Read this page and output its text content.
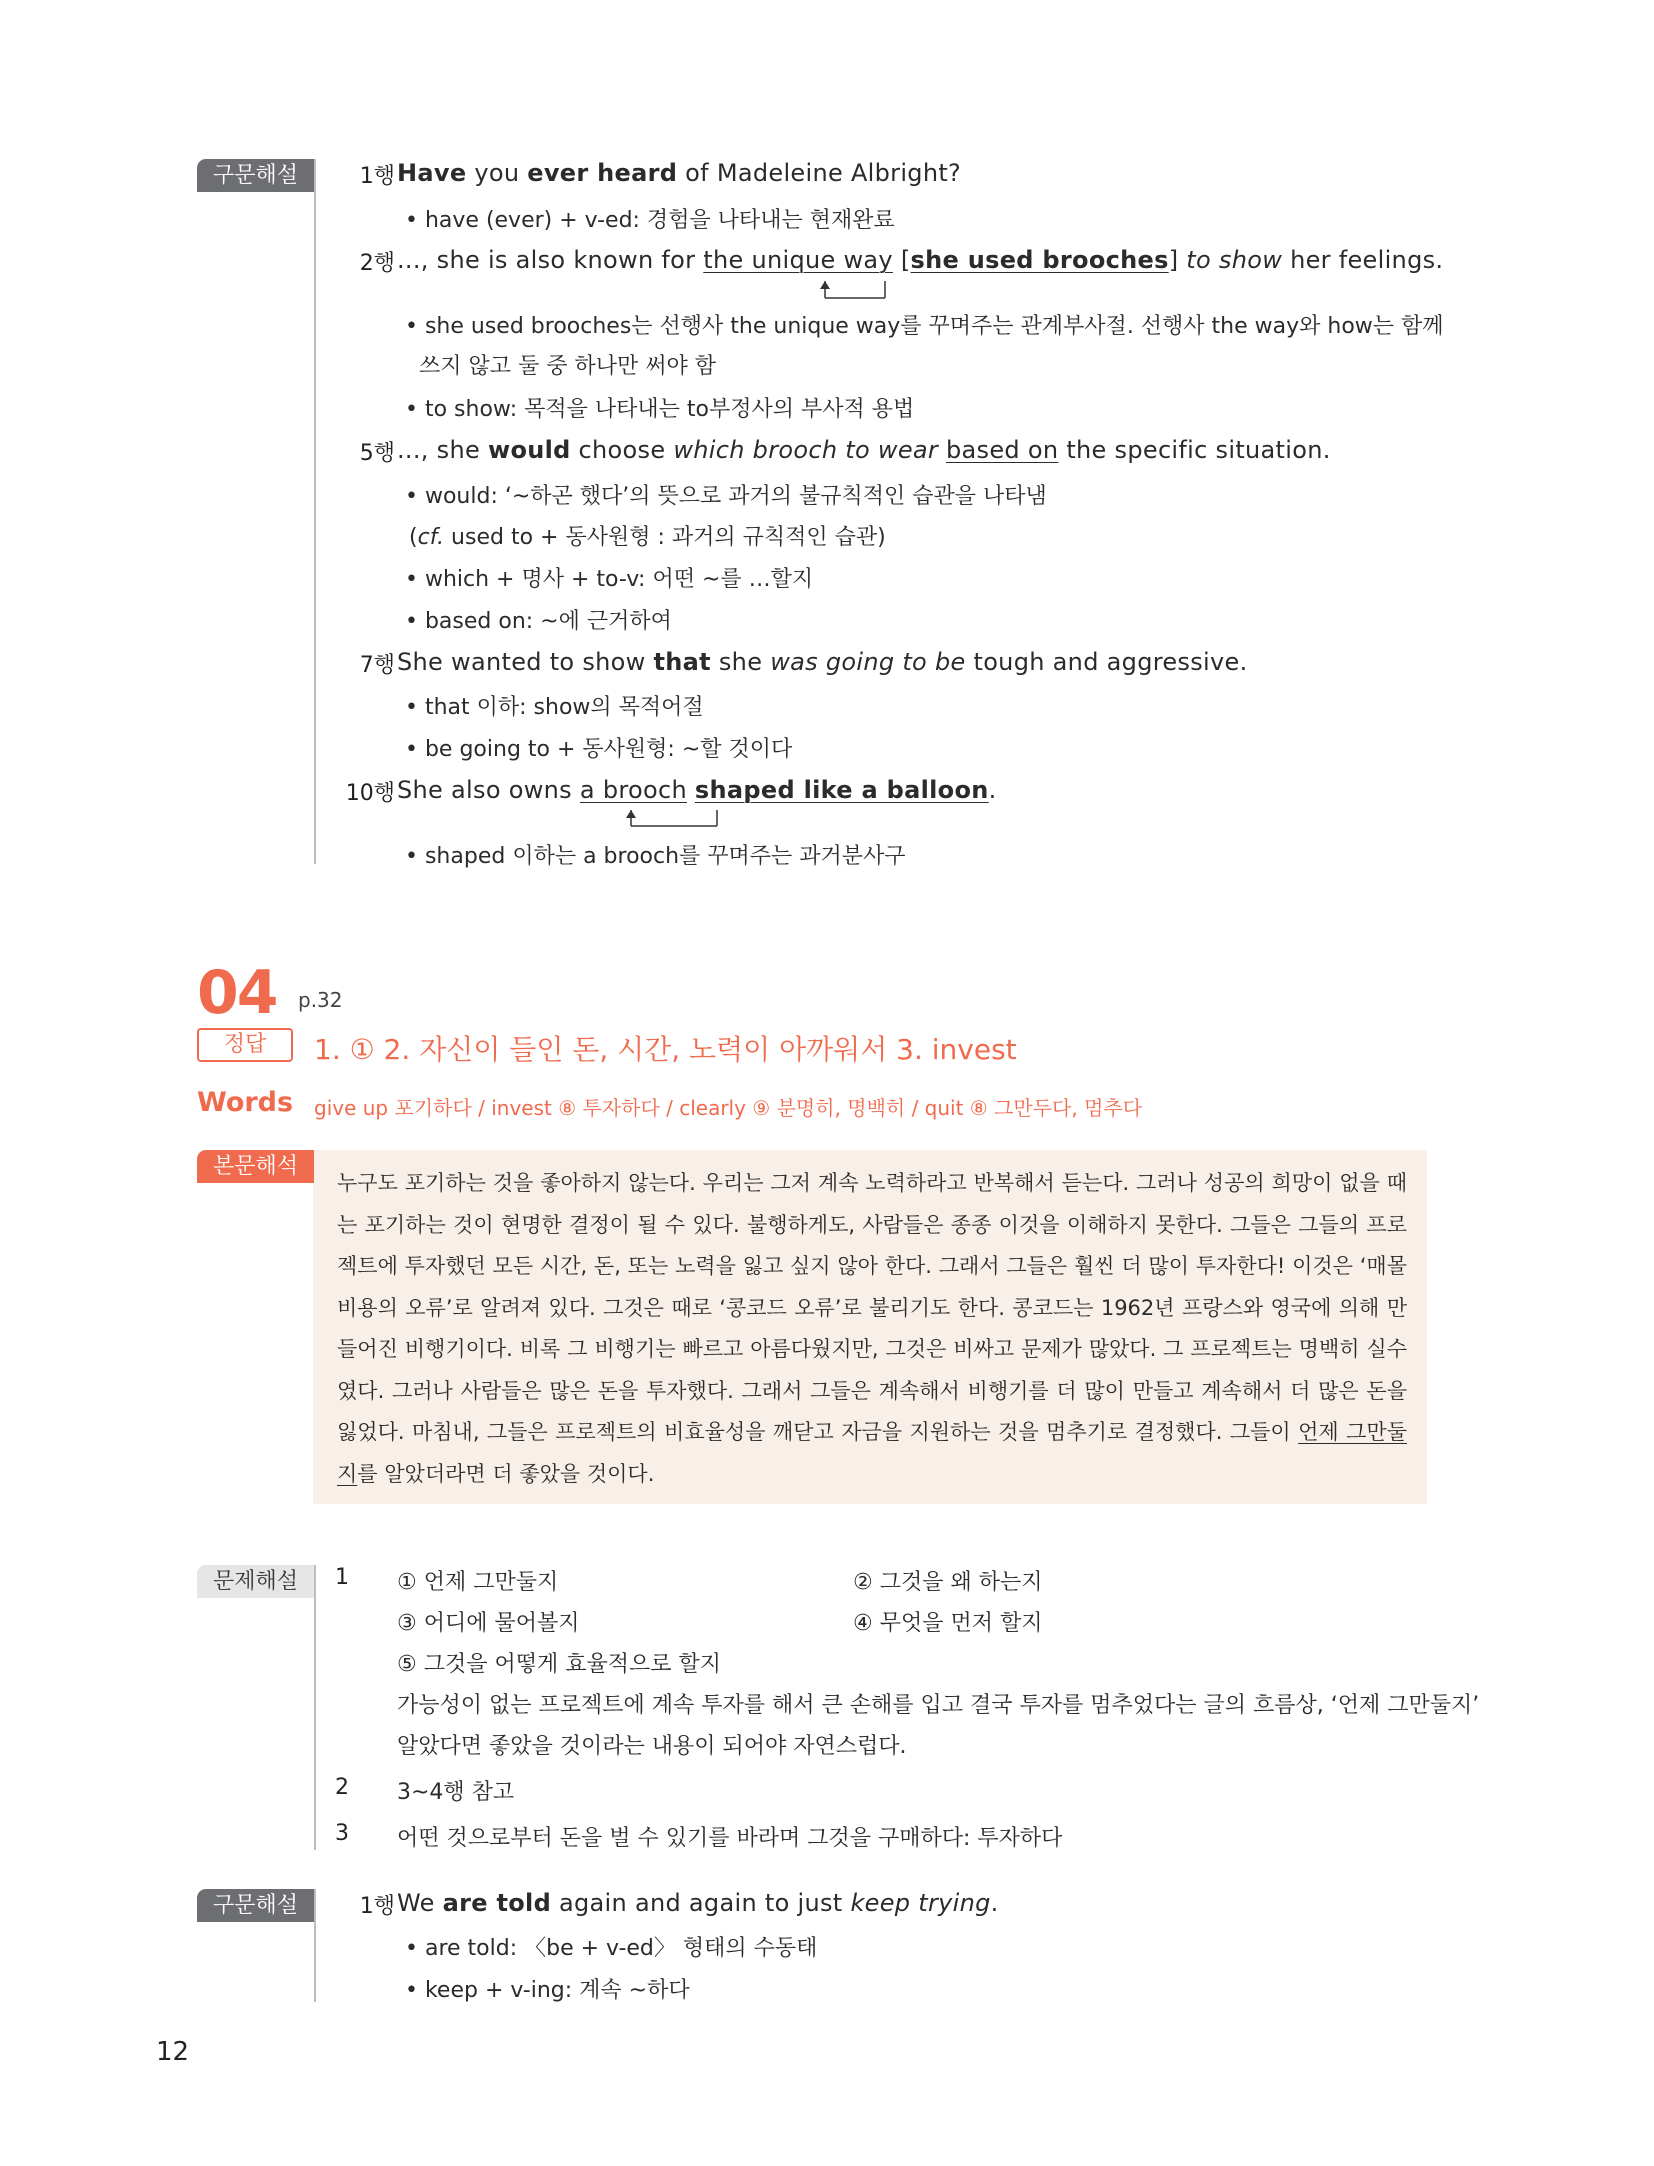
구문해설	1행 Have you ever heard of Madeleine Albright?
• have (ever) + v-ed: 경험을 나타내는 현재완료
2행 ..., she is also known for the unique way [she used brooches] to show her feelings.
• she used brooches는 선행사 the unique way를 꾸며주는 관계부사절. 선행사 the way와 how는 함께
쓰지 않고 둘 중 하나만 써야 함
• to show: 목적을 나타내는 to부정사의 부사적 용법
5행 ..., she would choose which brooch to wear based on the specific situation.
• would: ‘~하곤 했다’의 뜻으로 과거의 불규칙적인 습관을 나타냄
(cf. used to + 동사원형 : 과거의 규칙적인 습관)
• which + 명사 + to-v: 어떤 ~를 …할지
• based on: ~에 근거하여
7행 She wanted to show that she was going to be tough and aggressive.
• that 이하: show의 목적어절
• be going to + 동사원형: ~할 것이다
10행 She also owns a brooch shaped like a balloon.
• shaped 이하는 a brooch를 꾸며주는 과거분사구
04 p.32
정답	1. ① 2. 자신이 들인 돈, 시간, 노력이 아까워서 3. invest
Words give up 포기하다 / invest ⑧ 투자하다 / clearly ⑨ 분명히, 명백히 / quit ⑧ 그만두다, 멈추다
본문해석
누구도 포기하는 것을 좋아하지 않는다. 우리는 그저 계속 노력하라고 반복해서 듣는다. 그러나 성공의 희망이 없을 때는 포기하는 것이 현명한 결정이 될 수 있다. 불행하게도, 사람들은 종종 이것을 이해하지 못한다. 그들은 그들의 프로젝트에 투자했던 모든 시간, 돈, 또는 노력을 잃고 싶지 않아 한다. 그래서 그들은 훨씬 더 많이 투자한다! 이것은 ‘매몰 비용의 오류’로 알려져 있다. 그것은 때로 ‘콩코드 오류’로 불리기도 한다. 콩코드는 1962년 프랑스와 영국에 의해 만들어진 비행기이다. 비록 그 비행기는 빠르고 아름다웠지만, 그것은 비싸고 문제가 많았다. 그 프로젝트는 명백히 실수였다. 그러나 사람들은 많은 돈을 투자했다. 그래서 그들은 계속해서 비행기를 더 많이 만들고 계속해서 더 많은 돈을 잃었다. 마침내, 그들은 프로젝트의 비효율성을 깨닫고 자금을 지원하는 것을 멈추기로 결정했다. 그들이 언제 그만둘지를 알았더라면 더 좋았을 것이다.
문제해설	1	① 언제 그만둘지	② 그것을 왜 하는지
③ 어디에 물어볼지	④ 무엇을 먼저 할지
⑤ 그것을 어떻게 효율적으로 할지
가능성이 없는 프로젝트에 계속 투자를 해서 큰 손해를 입고 결국 투자를 멈추었다는 글의 흐름상, ‘언제 그만둘지’
알았다면 좋았을 것이라는 내용이 되어야 자연스럽다.
2	3~4행 참고
3	어떤 것으로부터 돈을 벌 수 있기를 바라며 그것을 구매하다: 투자하다
구문해설	1행 We are told again and again to just keep trying.
• are told: 〈be + v-ed〉 형태의 수동태
• keep + v-ing: 계속 ~하다
12
